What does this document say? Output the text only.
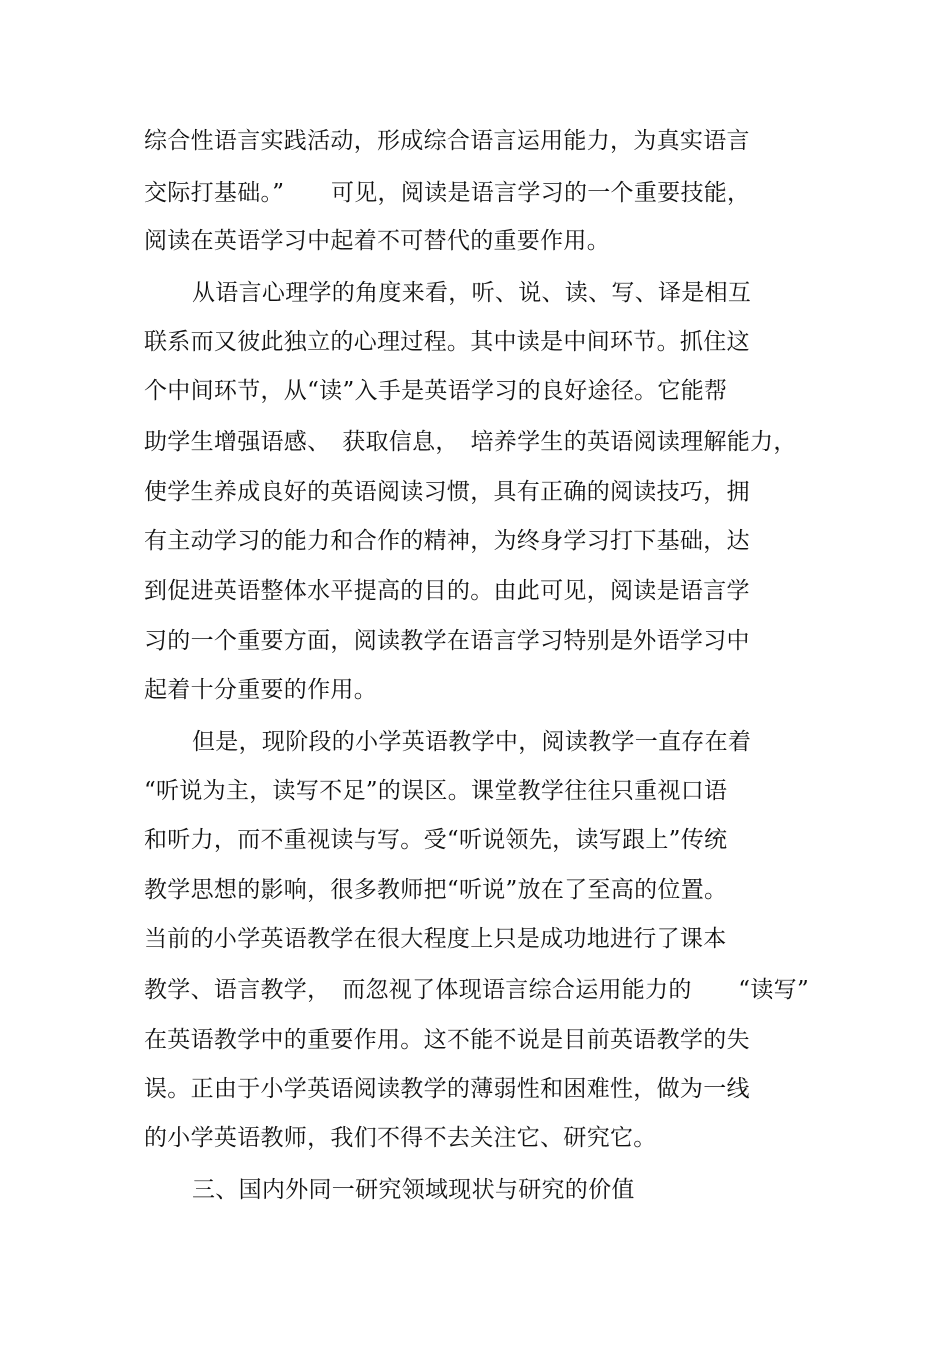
综合性语言实践活动，形成综合语言运用能力，为真实语言
交际打基础。”　　可见，阅读是语言学习的一个重要技能，
阅读在英语学习中起着不可替代的重要作用。
从语言心理学的角度来看，听、说、读、写、译是相互
联系而又彼此独立的心理过程。其中读是中间环节。抓住这
个中间环节，从“读”入手是英语学习的良好途径。它能帮
助学生增强语感、　获取信息，　培养学生的英语阅读理解能力，
使学生养成良好的英语阅读习惯，具有正确的阅读技巧，拥
有主动学习的能力和合作的精神，为终身学习打下基础，达
到促进英语整体水平提高的目的。由此可见，阅读是语言学
习的一个重要方面，阅读教学在语言学习特别是外语学习中
起着十分重要的作用。
但是，现阶段的小学英语教学中，阅读教学一直存在着
“听说为主，读写不足”的误区。课堂教学往往只重视口语
和听力，而不重视读与写。受“听说领先，读写跟上”传统
教学思想的影响，很多教师把“听说”放在了至高的位置。
当前的小学英语教学在很大程度上只是成功地进行了课本
教学、语言教学，　而忽视了体现语言综合运用能力的　　“读写”
在英语教学中的重要作用。这不能不说是目前英语教学的失
误。正由于小学英语阅读教学的薄弱性和困难性，做为一线
的小学英语教师，我们不得不去关注它、研究它。
三、国内外同一研究领域现状与研究的价值
